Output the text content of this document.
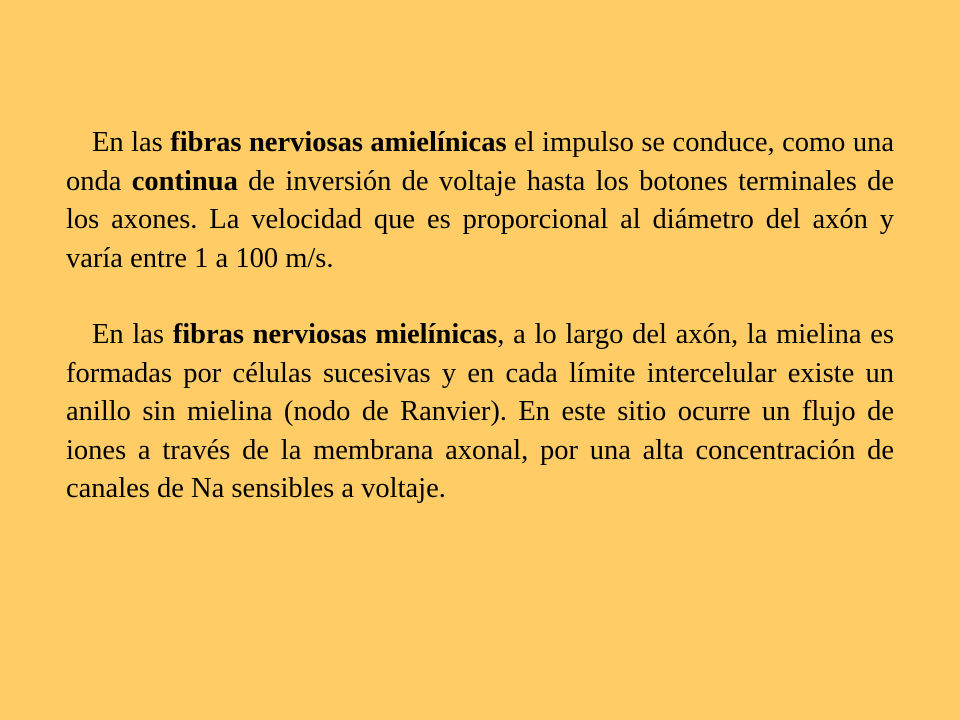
En las fibras nerviosas amielínicas el impulso se conduce, como una onda continua de inversión de voltaje hasta los botones terminales de los axones. La velocidad que es proporcional al diámetro del axón y varía entre 1 a 100 m/s.

En las fibras nerviosas mielínicas, a lo largo del axón, la mielina es formadas por células sucesivas y en cada límite intercelular existe un anillo sin mielina (nodo de Ranvier). En este sitio ocurre un flujo de iones a través de la membrana axonal, por una alta concentración de canales de Na sensibles a voltaje.
